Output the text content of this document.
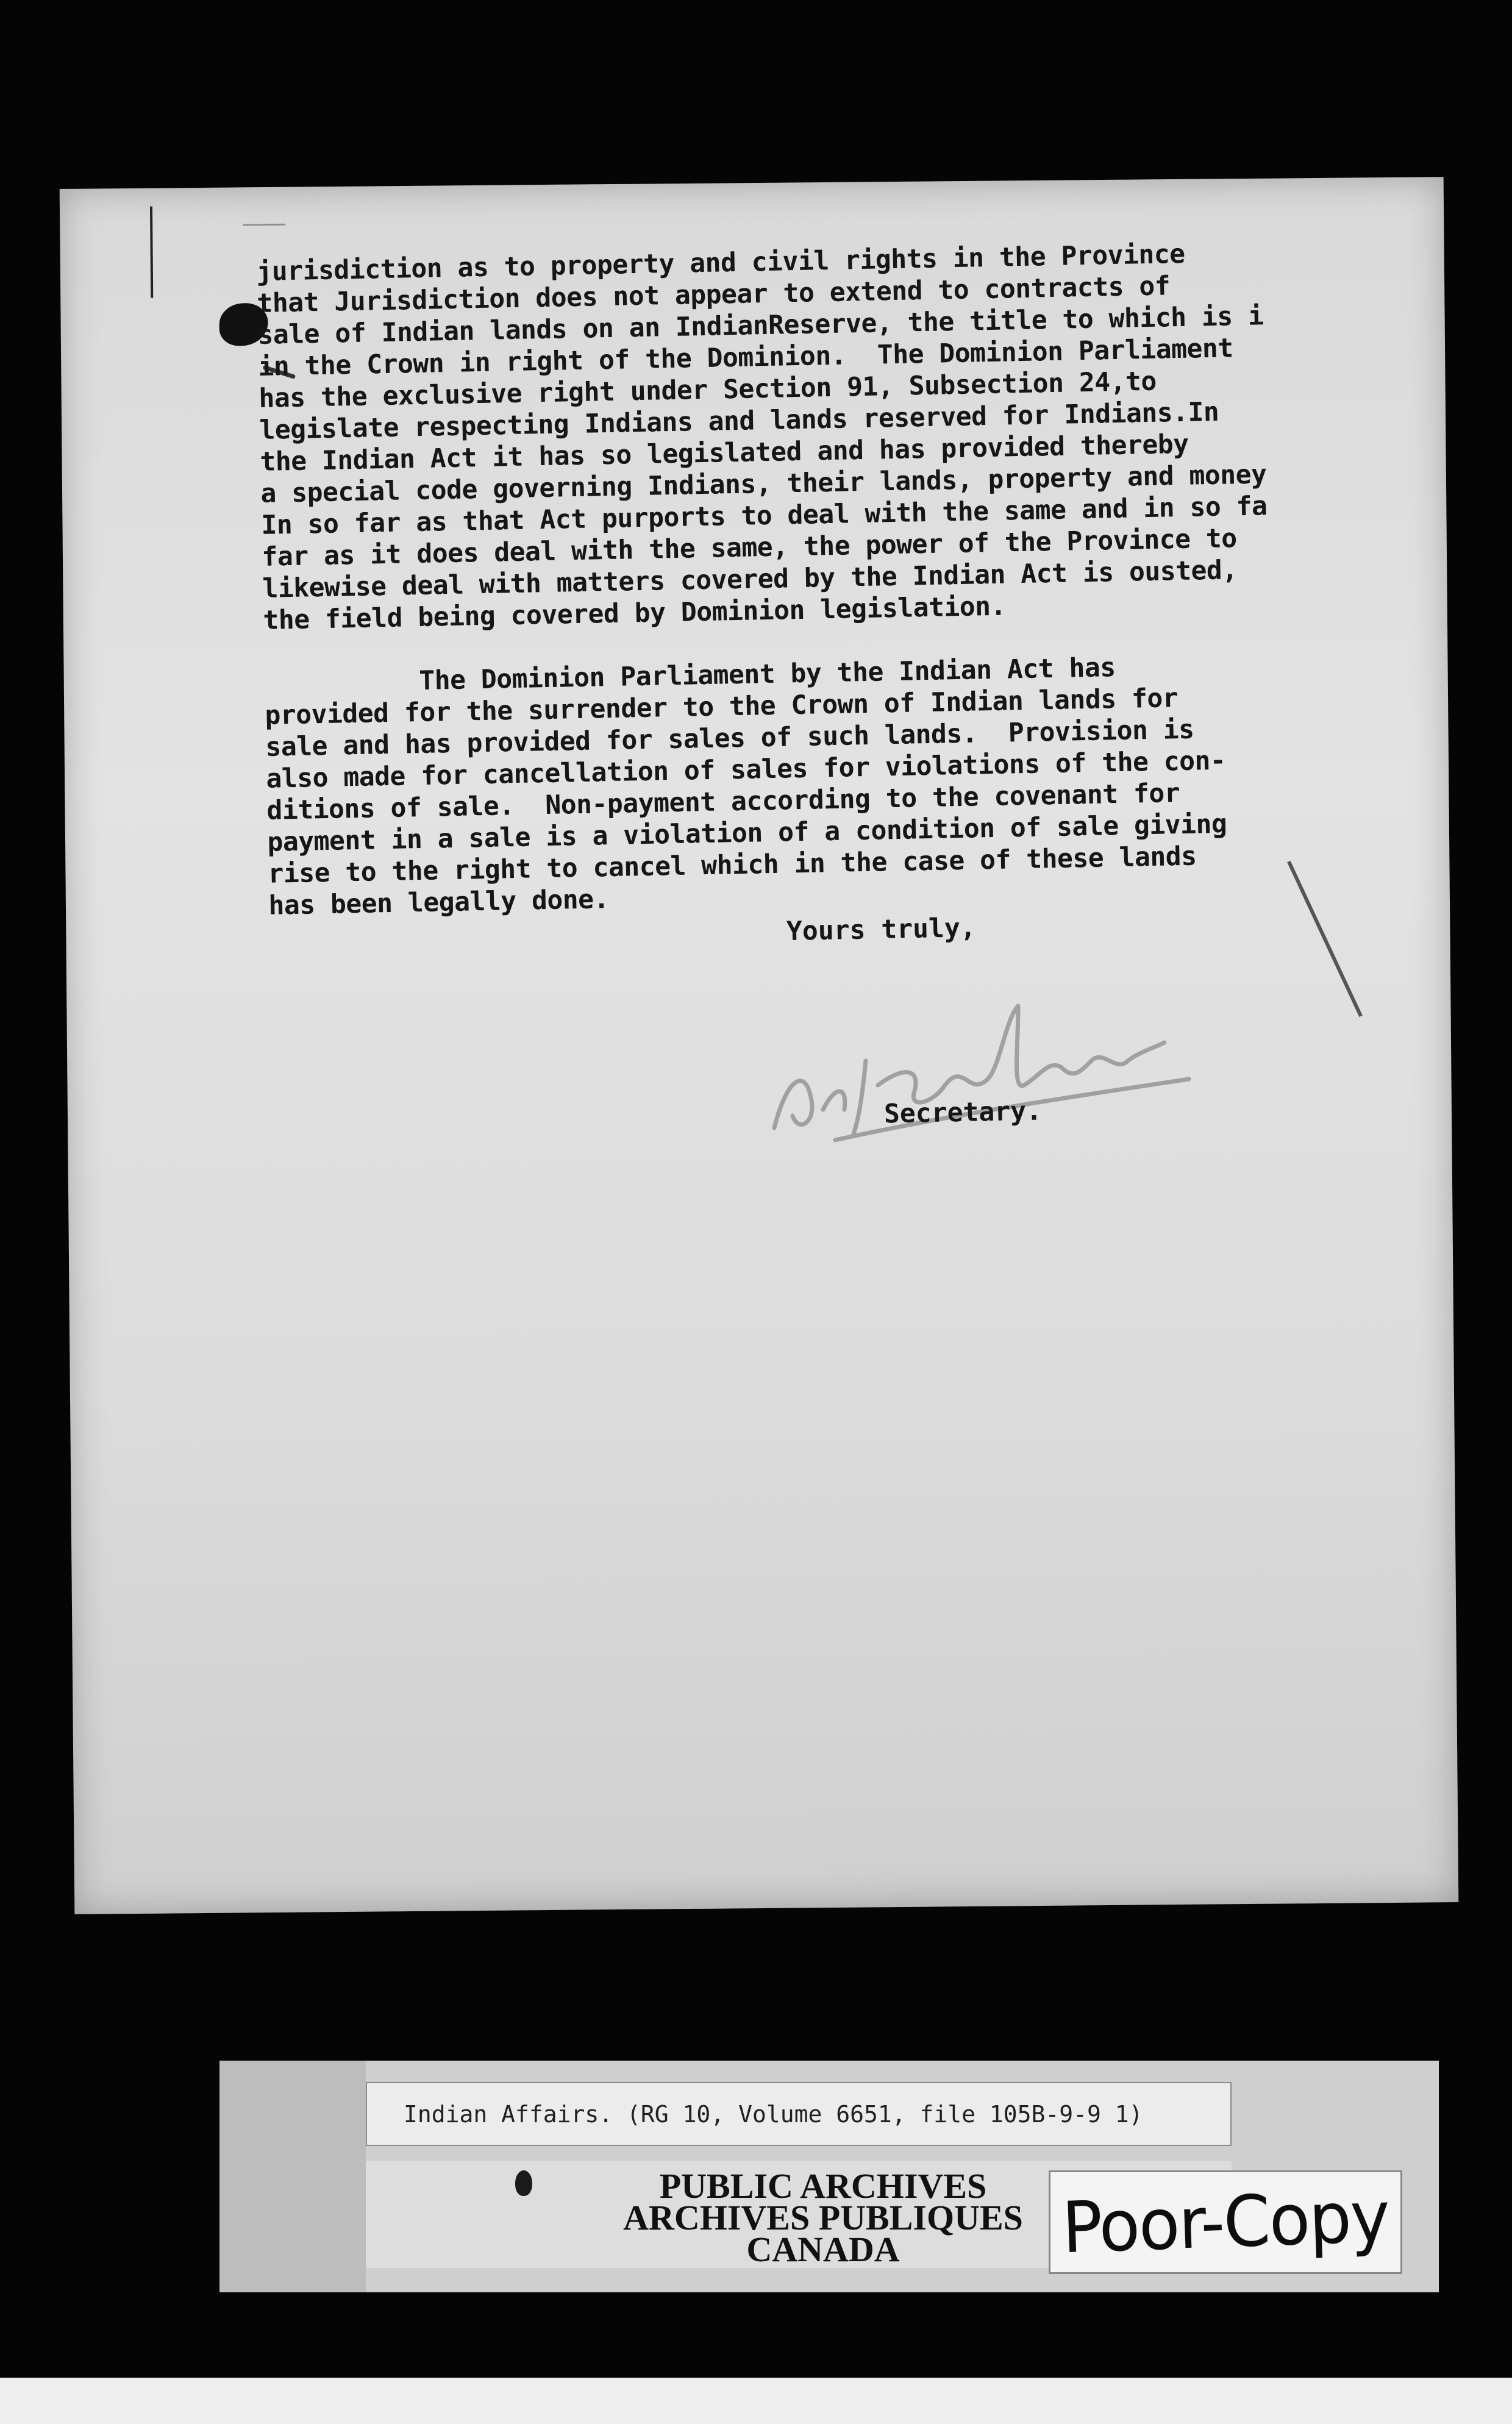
jurisdiction as to property and civil rights in the Province
that Jurisdiction does not appear to extend to contracts of
sale of Indian lands on an IndianReserve, the title to which is i
in the Crown in right of the Dominion.  The Dominion Parliament
has the exclusive right under Section 91, Subsection 24,to
legislate respecting Indians and lands reserved for Indians.In
the Indian Act it has so legislated and has provided thereby
a special code governing Indians, their lands, property and money
In so far as that Act purports to deal with the same and in so fa
far as it does deal with the same, the power of the Province to
likewise deal with matters covered by the Indian Act is ousted,
the field being covered by Dominion legislation.

The Dominion Parliament by the Indian Act has
provided for the surrender to the Crown of Indian lands for
sale and has provided for sales of such lands.  Provision is
also made for cancellation of sales for violations of the con-
ditions of sale.  Non-payment according to the covenant for
payment in a sale is a violation of a condition of sale giving
rise to the right to cancel which in the case of these lands
has been legally done.

Yours truly,
Secretary.
Indian Affairs. (RG 10, Volume 6651, file 105B-9-9 1)
PUBLIC ARCHIVES
ARCHIVES PUBLIQUES
CANADA	Poor-Copy
